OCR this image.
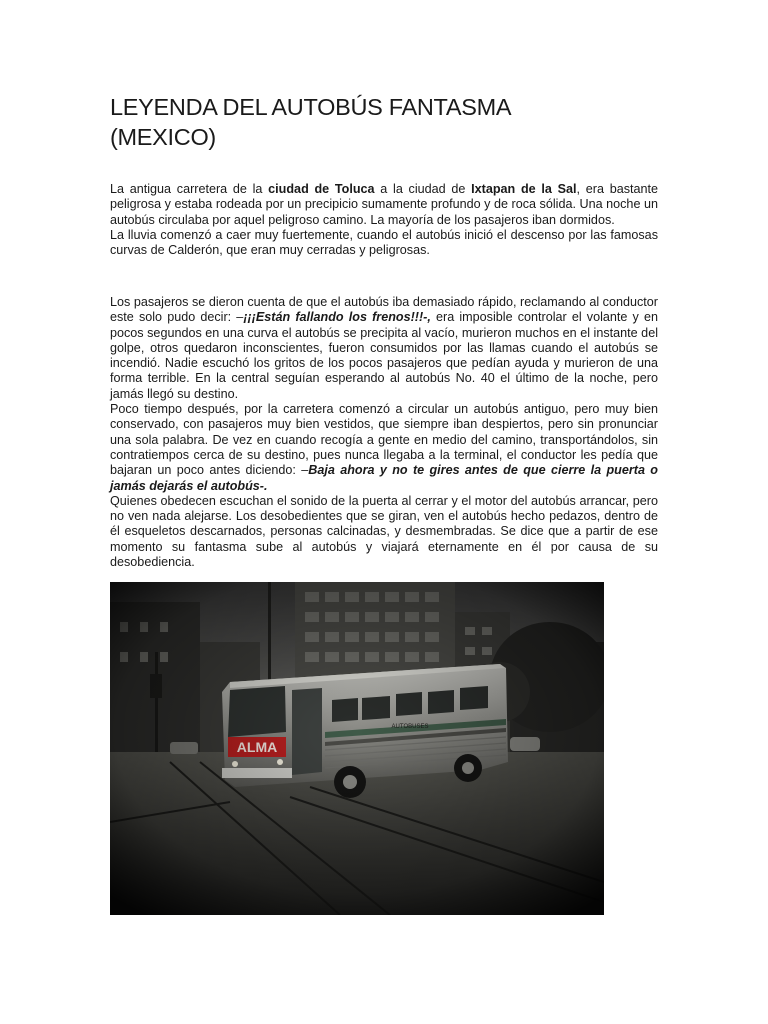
LEYENDA DEL AUTOBÚS FANTASMA
(MEXICO)

La antigua carretera de la ciudad de Toluca a la ciudad de Ixtapan de la Sal, era bastante peligrosa y estaba rodeada por un precipicio sumamente profundo y de roca sólida. Una noche un autobús circulaba por aquel peligroso camino. La mayoría de los pasajeros iban dormidos.

La lluvia comenzó a caer muy fuertemente, cuando el autobús inició el descenso por las famosas curvas de Calderón, que eran muy cerradas y peligrosas.

Los pasajeros se dieron cuenta de que el autobús iba demasiado rápido, reclamando al conductor este solo pudo decir: –¡¡¡Están fallando los frenos!!!-, era imposible controlar el volante y en pocos segundos en una curva el autobús se precipita al vacío, murieron muchos en el instante del golpe, otros quedaron inconscientes, fueron consumidos por las llamas cuando el autobús se incendió. Nadie escuchó los gritos de los pocos pasajeros que pedían ayuda y murieron de una forma terrible. En la central seguían esperando al autobús No. 40 el último de la noche, pero jamás llegó su destino.

Poco tiempo después, por la carretera comenzó a circular un autobús antiguo, pero muy bien conservado, con pasajeros muy bien vestidos, que siempre iban despiertos, pero sin pronunciar una sola palabra. De vez en cuando recogía a gente en medio del camino, transportándolos, sin contratiempos cerca de su destino, pues nunca llegaba a la terminal, el conductor les pedía que bajaran un poco antes diciendo: –Baja ahora y no te gires antes de que cierre la puerta o jamás dejarás el autobús-.

Quienes obedecen escuchan el sonido de la puerta al cerrar y el motor del autobús arrancar, pero no ven nada alejarse. Los desobedientes que se giran, ven el autobús hecho pedazos, dentro de él esqueletos descarnados, personas calcinadas, y desmembradas. Se dice que a partir de ese momento su fantasma sube al autobús y viajará eternamente en él por causa de su desobediencia.
